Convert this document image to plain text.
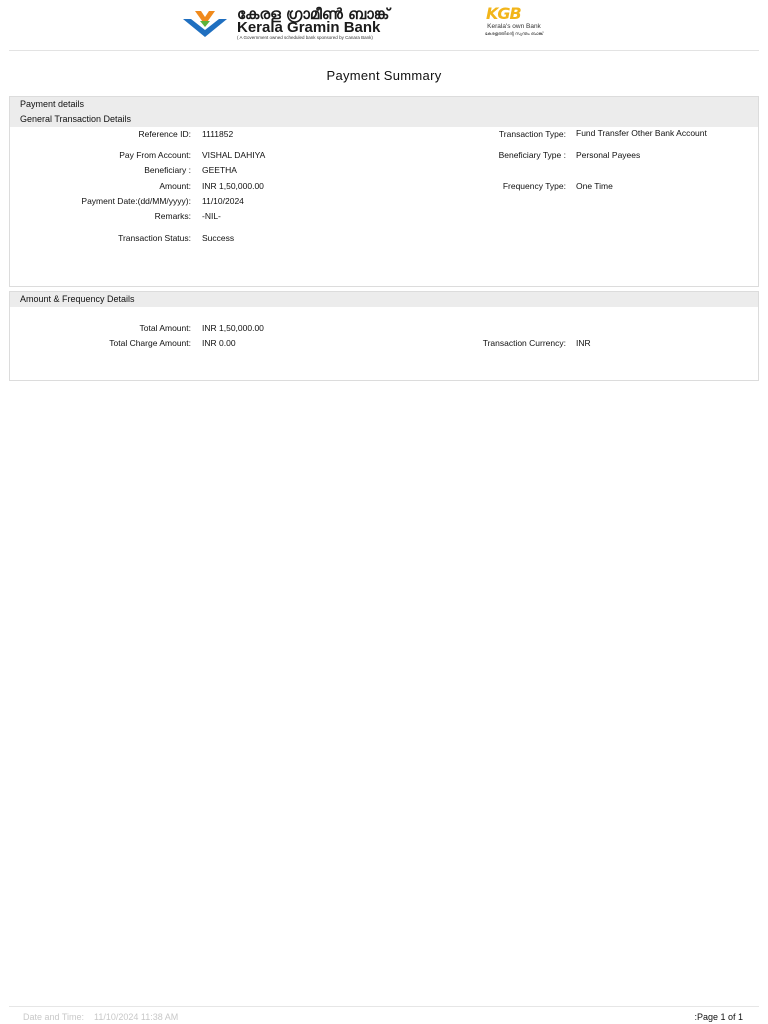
കേരള ഗ്രാമീൺ ബാങ്ക്
Kerala Gramin Bank
( A Government owned scheduled bank sponsored by Canara Bank)
KGB
Kerala's own Bank
കേരളത്തിന്റെ സ്വന്തം ബാങ്ക്
Payment Summary
Payment details
General Transaction Details
Reference ID: 1111852
Pay From Account: VISHAL DAHIYA
Beneficiary : GEETHA
Amount: INR 1,50,000.00
Payment Date:(dd/MM/yyyy): 11/10/2024
Remarks: -NIL-
Transaction Status: Success
Transaction Type: Fund Transfer Other Bank Account
Beneficiary Type : Personal Payees
Frequency Type: One Time
Amount & Frequency Details
Total Amount: INR 1,50,000.00
Total Charge Amount: INR 0.00	Transaction Currency: INR
Date and Time: 11/10/2024 11:38 AM	:Page 1 of 1
